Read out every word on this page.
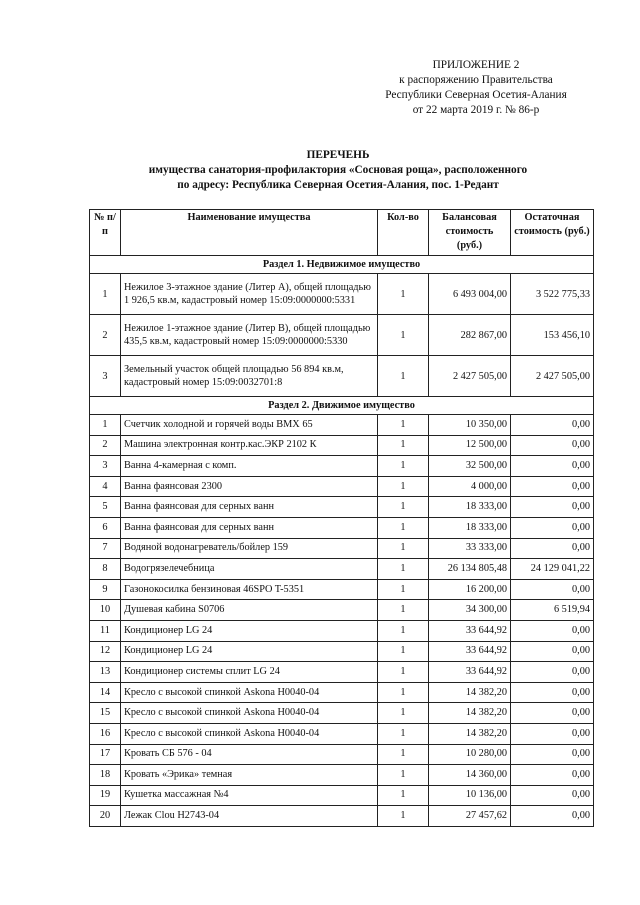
ПРИЛОЖЕНИЕ 2
к распоряжению Правительства
Республики Северная Осетия-Алания
от 22 марта 2019 г. № 86-р
ПЕРЕЧЕНЬ
имущества санатория-профилактория «Сосновая роща», расположенного
по адресу: Республика Северная Осетия-Алания, пос. 1-Редант
№ п/п	Наименование имущества	Кол-во	Балансовая стоимость (руб.)	Остаточная стоимость (руб.)
Раздел 1. Недвижимое имущество				
1	Нежилое 3-этажное здание (Литер А), общей площадью 1 926,5 кв.м, кадастровый номер 15:09:0000000:5331	1	6 493 004,00	3 522 775,33
2	Нежилое 1-этажное здание (Литер В), общей площадью 435,5 кв.м, кадастровый номер 15:09:0000000:5330	1	282 867,00	153 456,10
3	Земельный участок общей площадью 56 894 кв.м, кадастровый номер 15:09:0032701:8	1	2 427 505,00	2 427 505,00
Раздел 2. Движимое имущество				
1	Счетчик холодной и горячей воды ВМХ 65	1	10 350,00	0,00
2	Машина электронная контр.кас.ЭКР 2102 К	1	12 500,00	0,00
3	Ванна 4-камерная с комп.	1	32 500,00	0,00
4	Ванна фаянсовая 2300	1	4 000,00	0,00
5	Ванна фаянсовая для серных ванн	1	18 333,00	0,00
6	Ванна фаянсовая для серных ванн	1	18 333,00	0,00
7	Водяной водонагреватель/бойлер 159	1	33 333,00	0,00
8	Водогрязелечебница	1	26 134 805,48	24 129 041,22
9	Газонокосилка бензиновая 46SPO T-5351	1	16 200,00	0,00
10	Душевая кабина S0706	1	34 300,00	6 519,94
11	Кондиционер LG 24	1	33 644,92	0,00
12	Кондиционер LG 24	1	33 644,92	0,00
13	Кондиционер системы сплит LG 24	1	33 644,92	0,00
14	Кресло с высокой спинкой Askona H0040-04	1	14 382,20	0,00
15	Кресло с высокой спинкой Askona H0040-04	1	14 382,20	0,00
16	Кресло с высокой спинкой Askona H0040-04	1	14 382,20	0,00
17	Кровать СБ 576 - 04	1	10 280,00	0,00
18	Кровать «Эрика» темная	1	14 360,00	0,00
19	Кушетка массажная №4	1	10 136,00	0,00
20	Лежак Clou H2743-04	1	27 457,62	0,00
